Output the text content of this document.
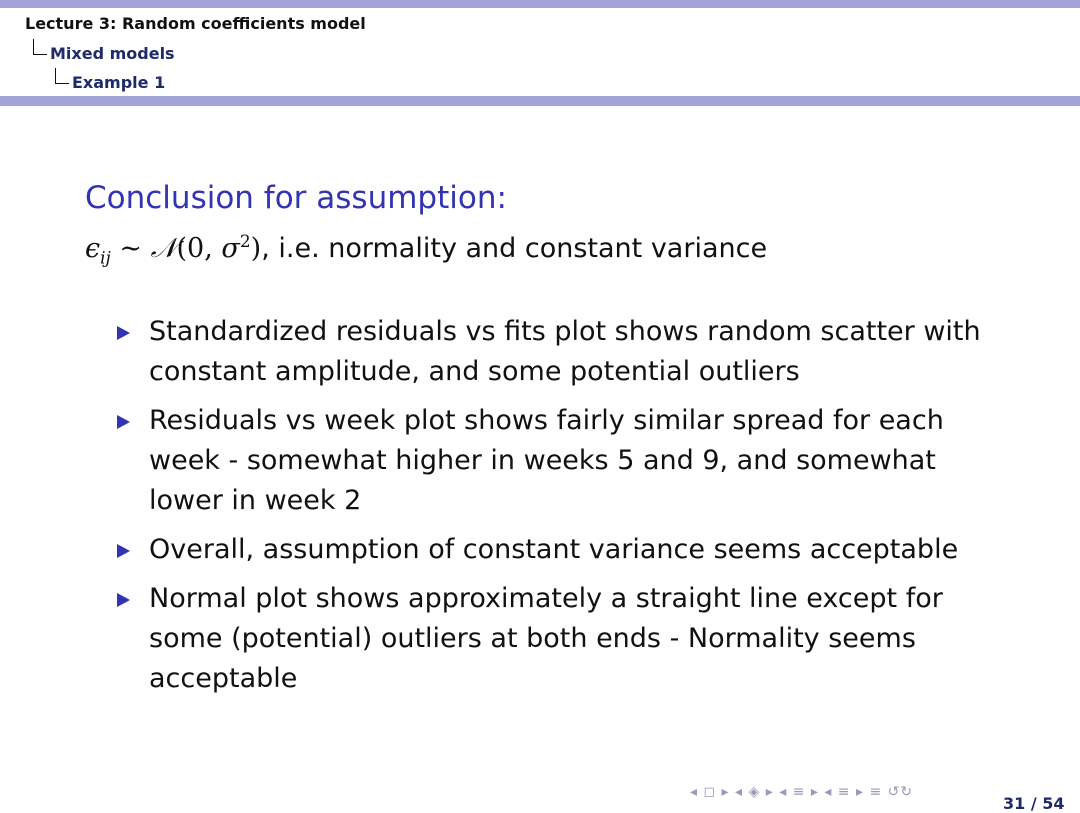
Lecture 3: Random coefficients model
Mixed models
Example 1
Conclusion for assumption:
$\epsilon_{ij}$ ∼ 𝒩(0, $\sigma^2$), i.e. normality and constant variance
Standardized residuals vs fits plot shows random scatter with constant amplitude, and some potential outliers
Residuals vs week plot shows fairly similar spread for each week - somewhat higher in weeks 5 and 9, and somewhat lower in week 2
Overall, assumption of constant variance seems acceptable
Normal plot shows approximately a straight line except for some (potential) outliers at both ends - Normality seems acceptable
◂ ◻ ▸ ◂ ◈ ▸ ◂ ≡ ▸ ◂ ≡ ▸ ≡ ↺↻
31 / 54
